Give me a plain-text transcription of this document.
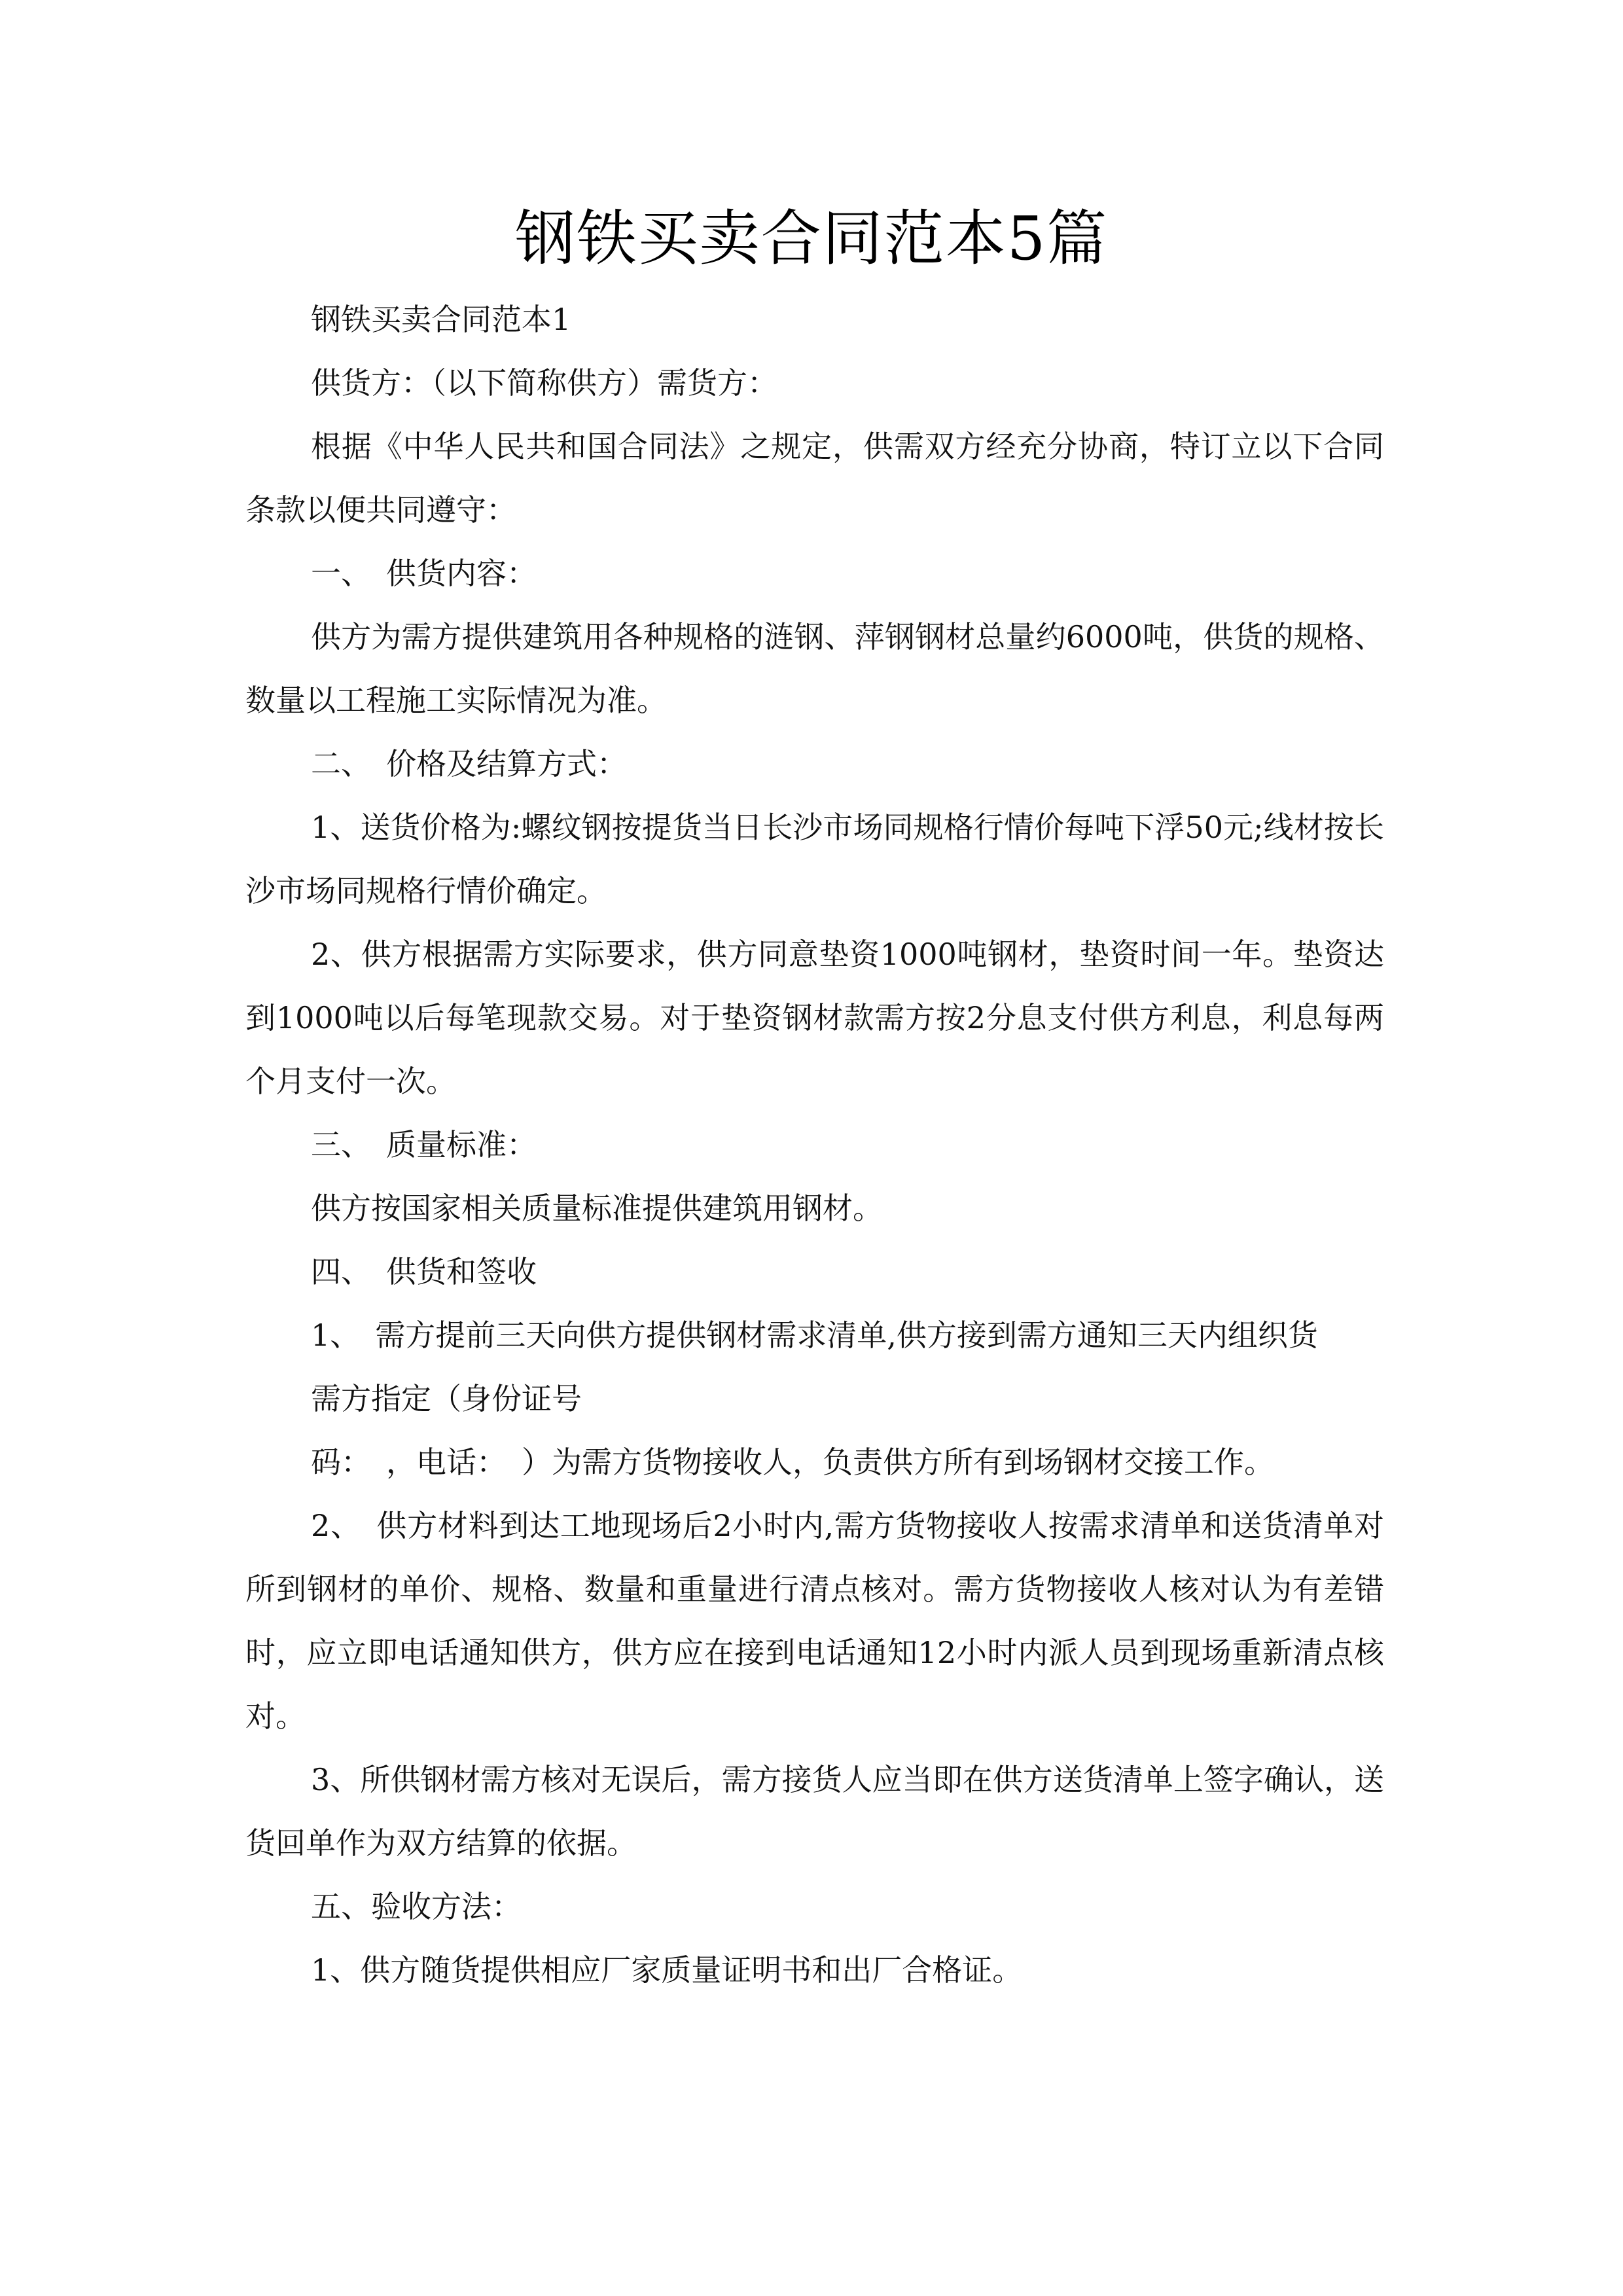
钢铁买卖合同范本5篇

钢铁买卖合同范本1

供货方：（以下简称供方）需货方：

根据《中华人民共和国合同法》之规定，供需双方经充分协商，特订立以下合同条款以便共同遵守：

一、　供货内容：

供方为需方提供建筑用各种规格的涟钢、萍钢钢材总量约6000吨，供货的规格、数量以工程施工实际情况为准。

二、　价格及结算方式：

1、送货价格为:螺纹钢按提货当日长沙市场同规格行情价每吨下浮50元;线材按长沙市场同规格行情价确定。

2、供方根据需方实际要求，供方同意垫资1000吨钢材，垫资时间一年。垫资达到1000吨以后每笔现款交易。对于垫资钢材款需方按2分息支付供方利息，利息每两个月支付一次。

三、　质量标准：

供方按国家相关质量标准提供建筑用钢材。

四、　供货和签收

1、　需方提前三天向供方提供钢材需求清单,供方接到需方通知三天内组织货

需方指定（身份证号

码：　，电话：　）为需方货物接收人，负责供方所有到场钢材交接工作。

2、　供方材料到达工地现场后2小时内,需方货物接收人按需求清单和送货清单对所到钢材的单价、规格、数量和重量进行清点核对。需方货物接收人核对认为有差错时，应立即电话通知供方，供方应在接到电话通知12小时内派人员到现场重新清点核对。

3、所供钢材需方核对无误后，需方接货人应当即在供方送货清单上签字确认，送货回单作为双方结算的依据。

五、验收方法：

1、供方随货提供相应厂家质量证明书和出厂合格证。
